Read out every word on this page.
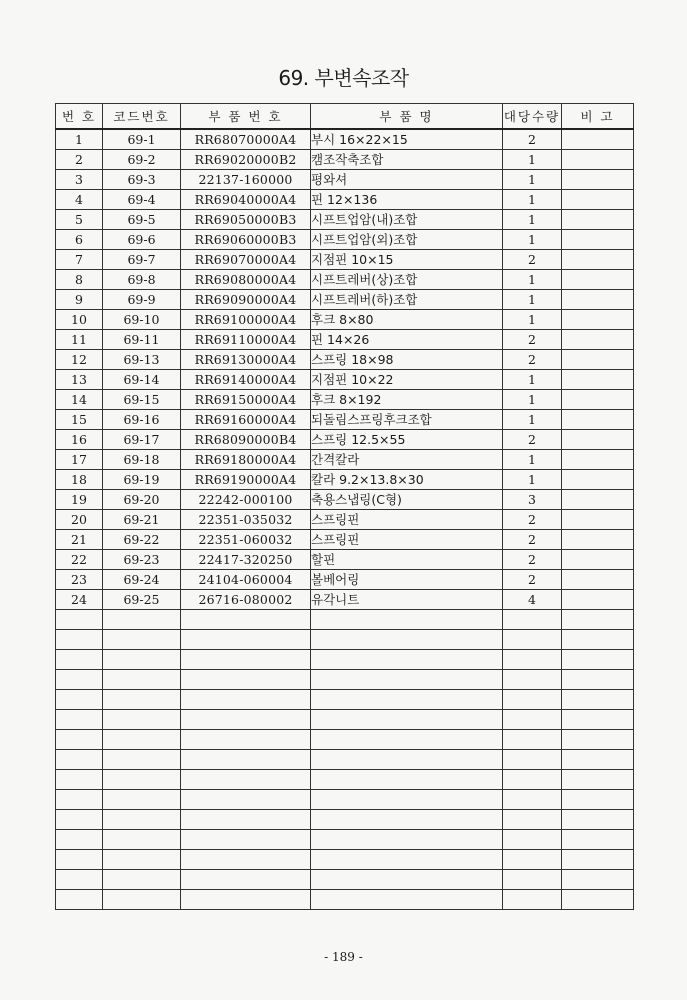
69. 부변속조작
번 호	코드번호	부 품 번 호	부 품 명	대당수량	비 고
1	69-1	RR68070000A4	부시 16×22×15	2	
2	69-2	RR69020000B2	캠조작축조합	1	
3	69-3	22137-160000	평와셔	1	
4	69-4	RR69040000A4	핀 12×136	1	
5	69-5	RR69050000B3	시프트업암(내)조합	1	
6	69-6	RR69060000B3	시프트업암(외)조합	1	
7	69-7	RR69070000A4	지점핀 10×15	2	
8	69-8	RR69080000A4	시프트레버(상)조합	1	
9	69-9	RR69090000A4	시프트레버(하)조합	1	
10	69-10	RR69100000A4	후크 8×80	1	
11	69-11	RR69110000A4	핀 14×26	2	
12	69-13	RR69130000A4	스프링 18×98	2	
13	69-14	RR69140000A4	지점핀 10×22	1	
14	69-15	RR69150000A4	후크 8×192	1	
15	69-16	RR69160000A4	되돌림스프링후크조합	1	
16	69-17	RR68090000B4	스프링 12.5×55	2	
17	69-18	RR69180000A4	간격칼라	1	
18	69-19	RR69190000A4	칼라 9.2×13.8×30	1	
19	69-20	22242-000100	축용스냅링(C형)	3	
20	69-21	22351-035032	스프링핀	2	
21	69-22	22351-060032	스프링핀	2	
22	69-23	22417-320250	할핀	2	
23	69-24	24104-060004	볼베어링	2	
24	69-25	26716-080002	유각니트	4	

- 189 -
